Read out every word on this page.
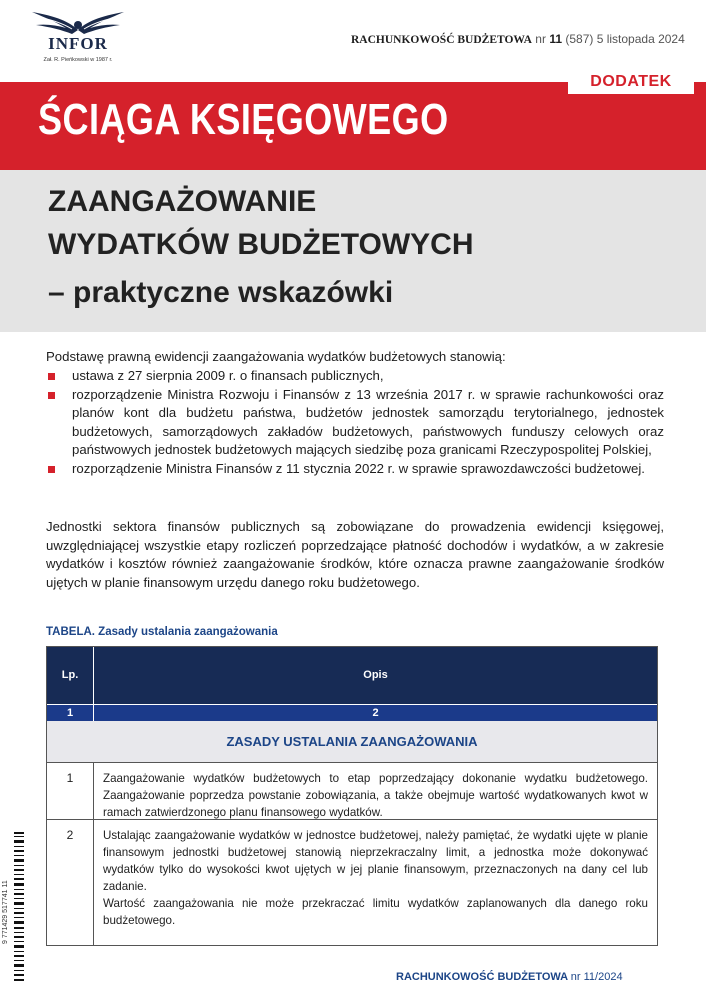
INFOR
Zał. R. Pieńkowski w 1987 r.
RACHUNKOWOŚĆ BUDŻETOWA nr 11 (587) 5 listopada 2024
DODATEK
ŚCIĄGA KSIĘGOWEGO
ZAANGAŻOWANIE
WYDATKÓW BUDŻETOWYCH
– praktyczne wskazówki
Podstawę prawną ewidencji zaangażowania wydatków budżetowych stanowią:
ustawa z 27 sierpnia 2009 r. o finansach publicznych,
rozporządzenie Ministra Rozwoju i Finansów z 13 września 2017 r. w sprawie rachunkowości oraz planów kont dla budżetu państwa, budżetów jednostek samorządu terytorialnego, jednostek budżetowych, samorządowych zakładów budżetowych, państwowych funduszy celowych oraz państwowych jednostek budżetowych mających siedzibę poza granicami Rzeczypospolitej Polskiej,
rozporządzenie Ministra Finansów z 11 stycznia 2022 r. w sprawie sprawozdawczości budżetowej.
Jednostki sektora finansów publicznych są zobowiązane do prowadzenia ewidencji księgowej, uwzględniającej wszystkie etapy rozliczeń poprzedzające płatność dochodów i wydatków, a w zakresie wydatków i kosztów również zaangażowanie środków, które oznacza prawne zaangażowanie środków ujętych w planie finansowym urzędu danego roku budżetowego.
TABELA. Zasady ustalania zaangażowania
Lp.	Opis
1	2
ZASADY USTALANIA ZAANGAŻOWANIA
1	Zaangażowanie wydatków budżetowych to etap poprzedzający dokonanie wydatku budżetowego. Zaangażowanie poprzedza powstanie zobowiązania, a także obejmuje wartość wydatkowanych kwot w ramach zatwierdzonego planu finansowego wydatków.
2	Ustalając zaangażowanie wydatków w jednostce budżetowej, należy pamiętać, że wydatki ujęte w planie finansowym jednostki budżetowej stanowią nieprzekraczalny limit, a jednostka może dokonywać wydatków tylko do wysokości kwot ujętych w jej planie finansowym, przeznaczonych na dany cel lub zadanie.
Wartość zaangażowania nie może przekraczać limitu wydatków zaplanowanych dla danego roku budżetowego.
9 771429 517741 11
RACHUNKOWOŚĆ BUDŻETOWA nr 11/2024
